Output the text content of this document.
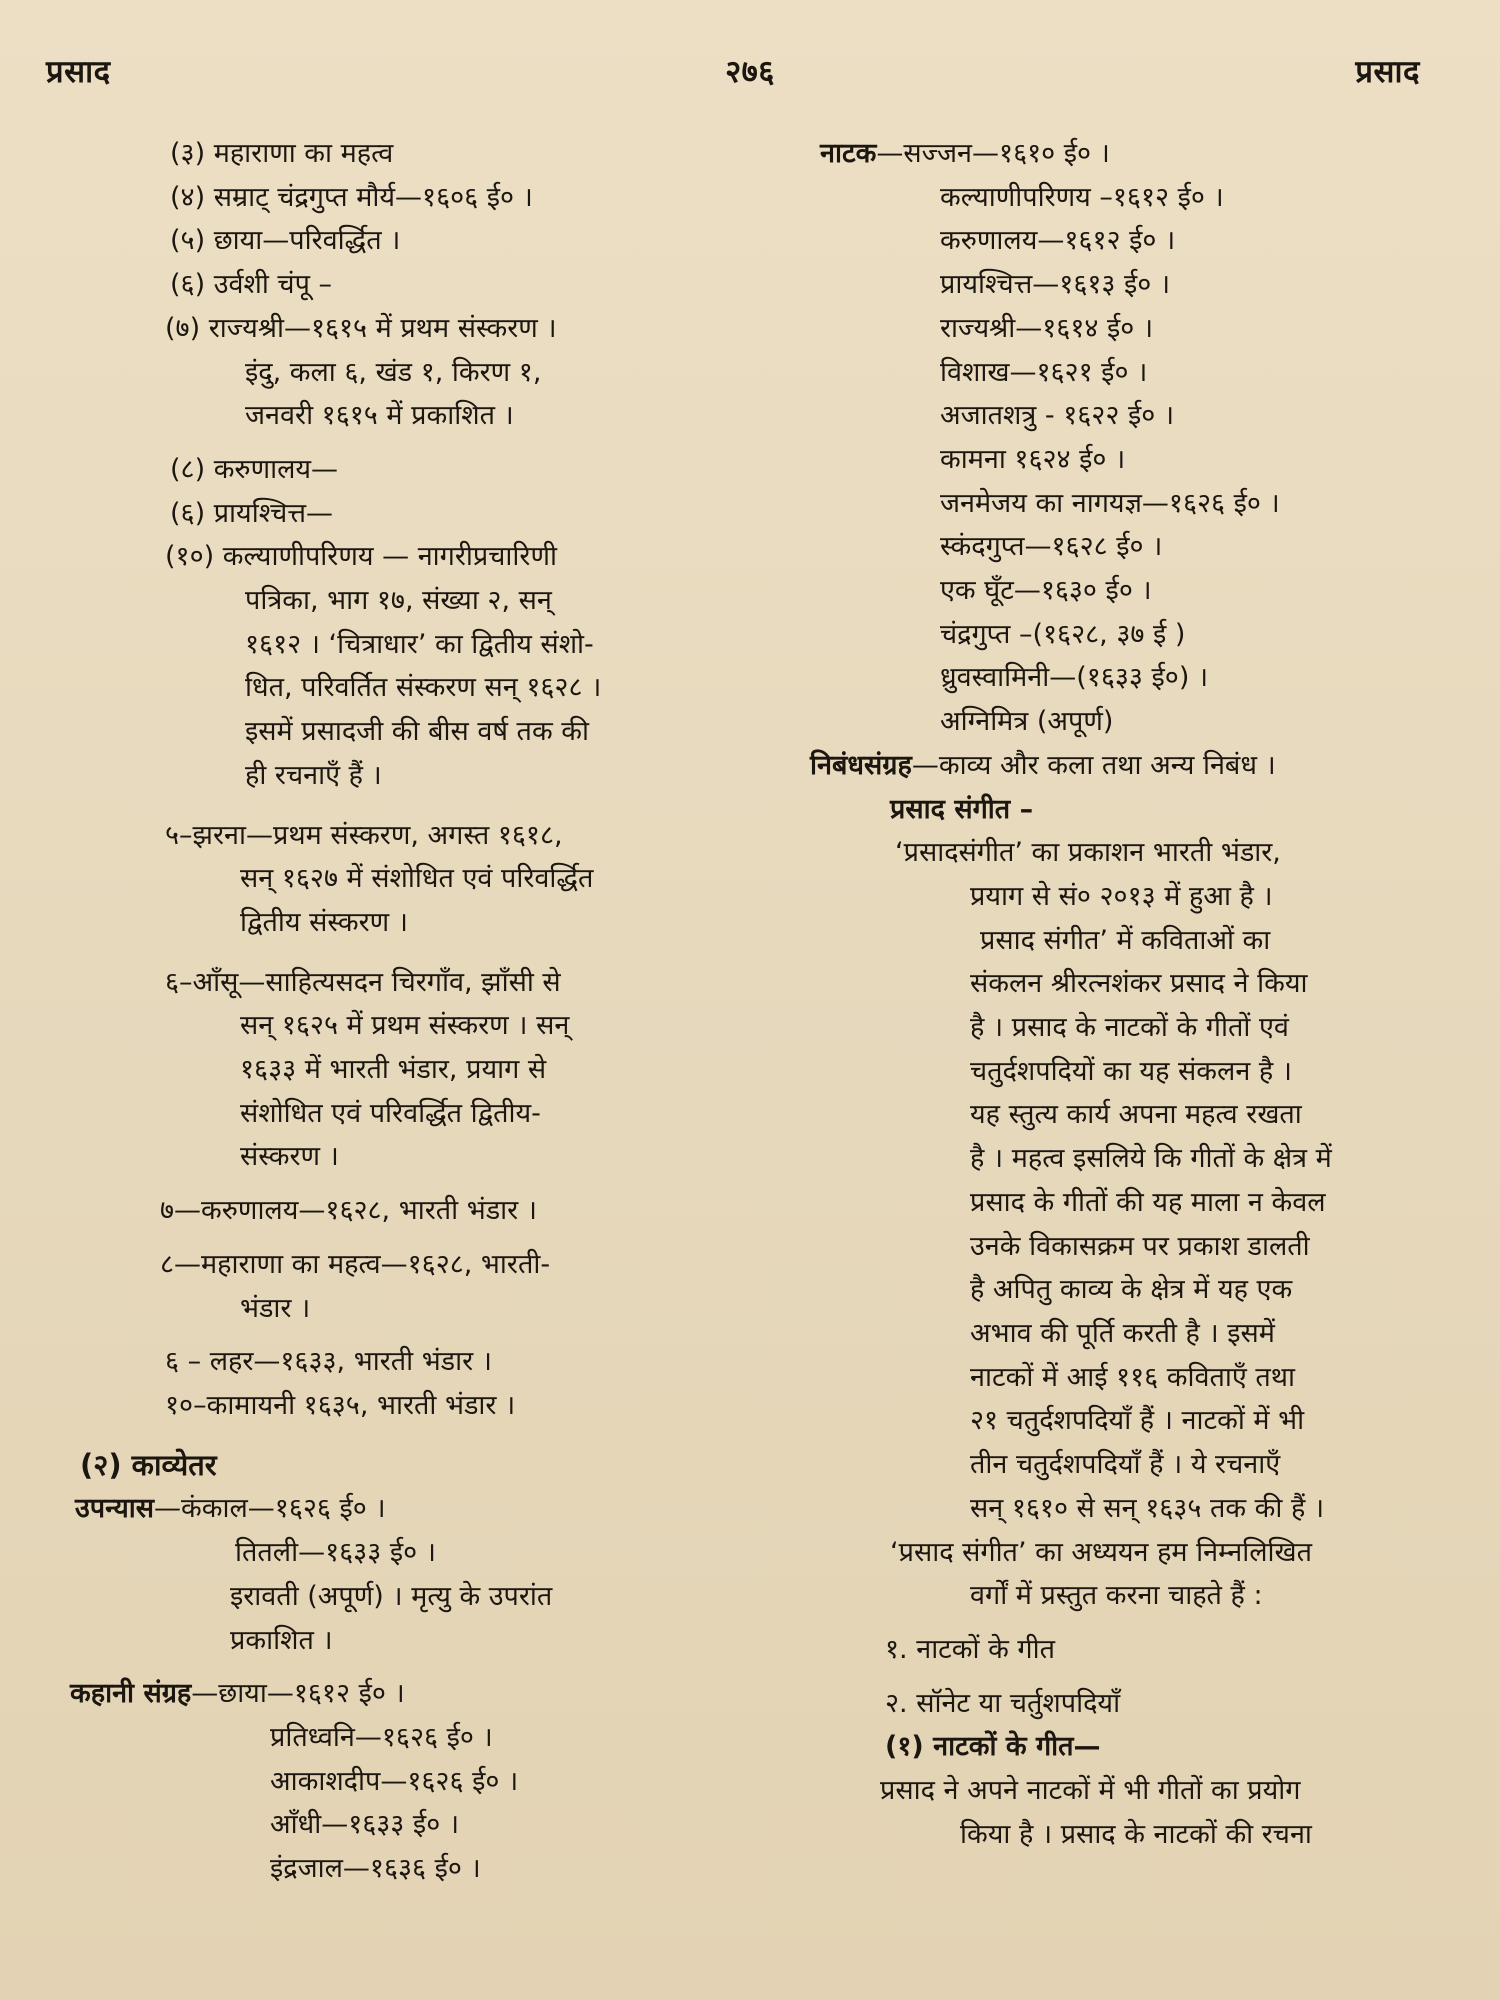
प्रसाद	२७६	प्रसाद
(३) महाराणा का महत्व
(४) सम्राट् चंद्रगुप्त मौर्य—१६०६ ई० ।
(५) छाया—परिवर्द्धित ।
(६) उर्वशी चंपू –
(७) राज्यश्री—१६१५ में प्रथम संस्करण ।
इंदु, कला ६, खंड १, किरण १,
जनवरी १६१५ में प्रकाशित ।
(८) करुणालय—
(६) प्रायश्चित्त—
(१०) कल्याणीपरिणय — नागरीप्रचारिणी
पत्रिका, भाग १७, संख्या २, सन्
१६१२ । ‘चित्राधार’ का द्वितीय संशो-
धित, परिवर्तित संस्करण सन् १६२८ ।
इसमें प्रसादजी की बीस वर्ष तक की
ही रचनाएँ हैं ।
५–झरना—प्रथम संस्करण, अगस्त १६१८,
सन् १६२७ में संशोधित एवं परिवर्द्धित
द्वितीय संस्करण ।
६–आँसू—साहित्यसदन चिरगाँव, झाँसी से
सन् १६२५ में प्रथम संस्करण । सन्
१६३३ में भारती भंडार, प्रयाग से
संशोधित एवं परिवर्द्धित द्वितीय-
संस्करण ।
७—करुणालय—१६२८, भारती भंडार ।
८—महाराणा का महत्व—१६२८, भारती-
भंडार ।
६ – लहर—१६३३, भारती भंडार ।
१०–कामायनी १६३५, भारती भंडार ।
(२) काव्येतर
उपन्यास—कंकाल—१६२६ ई० ।
तितली—१६३३ ई० ।
इरावती (अपूर्ण) । मृत्यु के उपरांत
प्रकाशित ।
कहानी संग्रह—छाया—१६१२ ई० ।
प्रतिध्वनि—१६२६ ई० ।
आकाशदीप—१६२६ ई० ।
आँधी—१६३३ ई० ।
इंद्रजाल—१६३६ ई० ।
नाटक—सज्जन—१६१० ई० ।
कल्याणीपरिणय –१६१२ ई० ।
करुणालय—१६१२ ई० ।
प्रायश्चित्त—१६१३ ई० ।
राज्यश्री—१६१४ ई० ।
विशाख—१६२१ ई० ।
अजातशत्रु - १६२२ ई० ।
कामना १६२४ ई० ।
जनमेजय का नागयज्ञ—१६२६ ई० ।
स्कंदगुप्त—१६२८ ई० ।
एक घूँट—१६३० ई० ।
चंद्रगुप्त –(१६२८, ३७ ई )
ध्रुवस्वामिनी—(१६३३ ई०) ।
अग्निमित्र (अपूर्ण)
निबंधसंग्रह—काव्य और कला तथा अन्य निबंध ।
प्रसाद संगीत –
‘प्रसादसंगीत’ का प्रकाशन भारती भंडार,
प्रयाग से सं० २०१३ में हुआ है ।
प्रसाद संगीत’ में कविताओं का
संकलन श्रीरत्नशंकर प्रसाद ने किया
है । प्रसाद के नाटकों के गीतों एवं
चतुर्दशपदियों का यह संकलन है ।
यह स्तुत्य कार्य अपना महत्व रखता
है । महत्व इसलिये कि गीतों के क्षेत्र में
प्रसाद के गीतों की यह माला न केवल
उनके विकासक्रम पर प्रकाश डालती
है अपितु काव्य के क्षेत्र में यह एक
अभाव की पूर्ति करती है । इसमें
नाटकों में आई ११६ कविताएँ तथा
२१ चतुर्दशपदियाँ हैं । नाटकों में भी
तीन चतुर्दशपदियाँ हैं । ये रचनाएँ
सन् १६१० से सन् १६३५ तक की हैं ।
‘प्रसाद संगीत’ का अध्ययन हम निम्नलिखित
वर्गों में प्रस्तुत करना चाहते हैं :
१. नाटकों के गीत
२. सॉनेट या चर्तुशपदियाँ
(१) नाटकों के गीत—
प्रसाद ने अपने नाटकों में भी गीतों का प्रयोग
किया है । प्रसाद के नाटकों की रचना
